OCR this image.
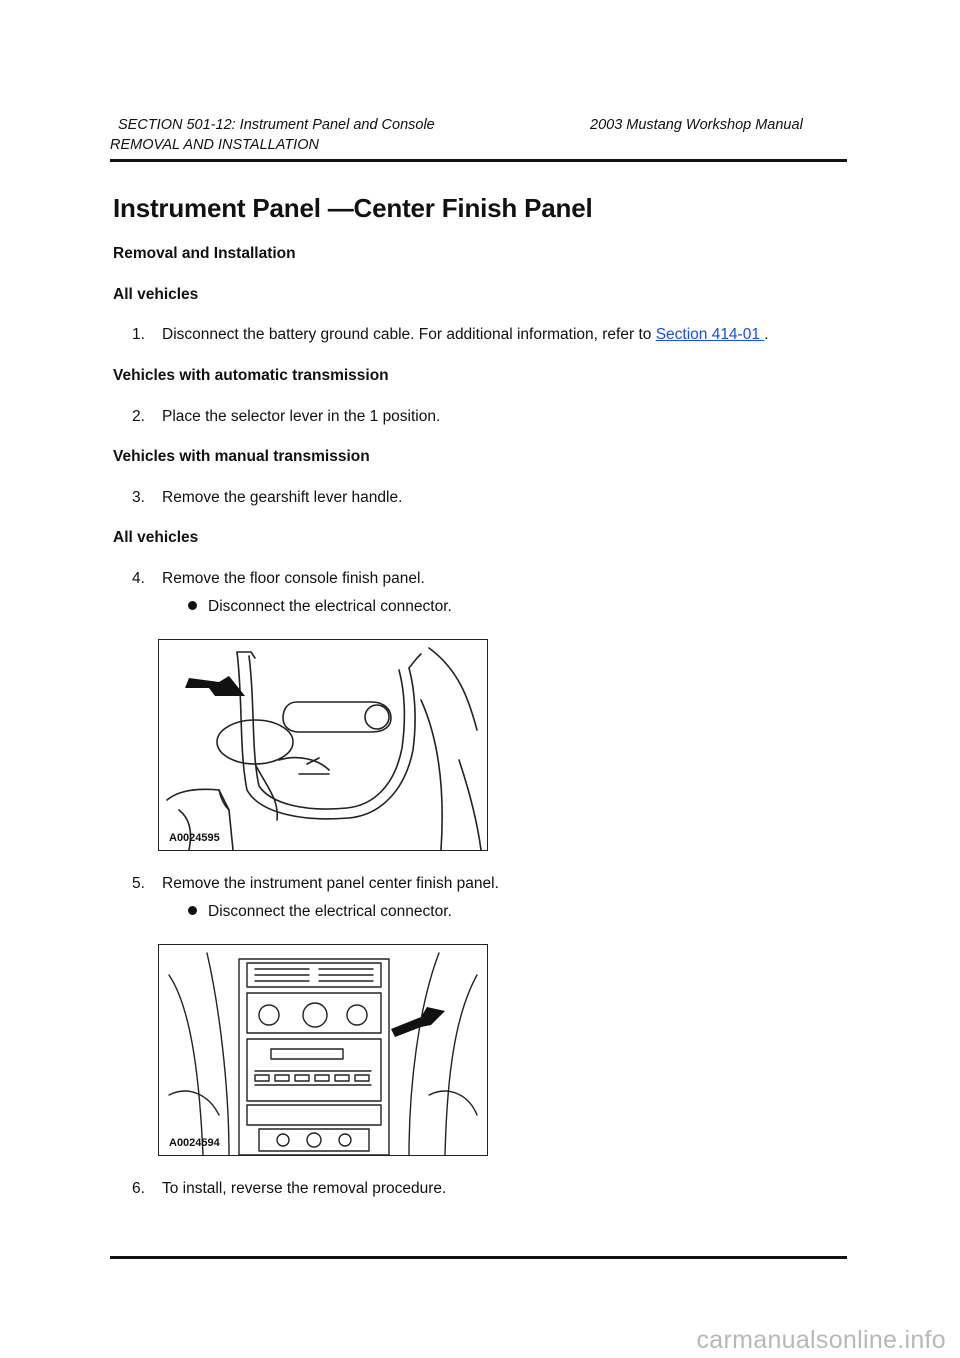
SECTION 501-12: Instrument Panel and Console	2003 Mustang Workshop Manual
REMOVAL AND INSTALLATION
Instrument Panel —Center Finish Panel
Removal and Installation
All vehicles
1. Disconnect the battery ground cable. For additional information, refer to Section 414-01 .
Vehicles with automatic transmission
2. Place the selector lever in the 1 position.
Vehicles with manual transmission
3. Remove the gearshift lever handle.
All vehicles
4. Remove the floor console finish panel.
Disconnect the electrical connector.
A0024595
5. Remove the instrument panel center finish panel.
Disconnect the electrical connector.
A0024594
6. To install, reverse the removal procedure.
carmanualsonline.info
